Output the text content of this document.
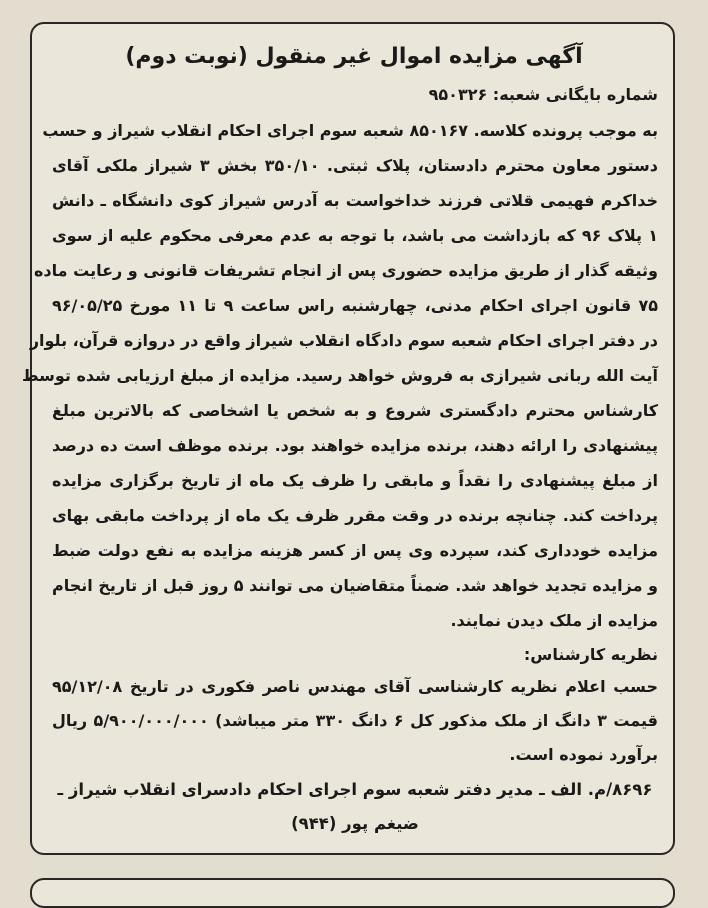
آگهی مزایده اموال غیر منقول (نوبت دوم)
شماره بایگانی شعبه: ۹۵۰۳۲۶
به موجب پرونده کلاسه. ۸۵۰۱۶۷ شعبه سوم اجرای احکام انقلاب شیراز و حسب
دستور معاون محترم دادستان، پلاک ثبتی. ۳۵۰/۱۰ بخش ۳ شیراز ملکی آقای
خداکرم فهیمی قلاتی فرزند خداخواست به آدرس شیراز کوی دانشگاه ـ دانش
۱ پلاک ۹۶ که بازداشت می باشد، با توجه به عدم معرفی محکوم علیه از سوی
وثیقه گذار از طریق مزایده حضوری پس از انجام تشریفات قانونی و رعایت ماده
۷۵ قانون اجرای احکام مدنی، چهارشنبه راس ساعت ۹ تا ۱۱ مورخ ۹۶/۰۵/۲۵
در دفتر اجرای احکام شعبه سوم دادگاه انقلاب شیراز واقع در دروازه قرآن، بلوار
آیت الله ربانی شیرازی به فروش خواهد رسید. مزایده از مبلغ ارزیابی شده توسط
کارشناس محترم دادگستری شروع و به شخص یا اشخاصی که بالاترین مبلغ
پیشنهادی را ارائه دهند، برنده مزایده خواهند بود. برنده موظف است ده درصد
از مبلغ پیشنهادی را نقداً و مابقی را ظرف یک ماه از تاریخ برگزاری مزایده
پرداخت کند. چنانچه برنده در وقت مقرر ظرف یک ماه از پرداخت مابقی بهای
مزایده خودداری کند، سپرده وی پس از کسر هزینه مزایده به نفع دولت ضبط
و مزایده تجدید خواهد شد. ضمناً متقاضیان می توانند ۵ روز قبل از تاریخ انجام
مزایده از ملک دیدن نمایند.
نظریه کارشناس:
حسب اعلام نظریه کارشناسی آقای مهندس ناصر فکوری در تاریخ ۹۵/۱۲/۰۸
قیمت ۳ دانگ از ملک مذکور کل ۶ دانگ ۳۳۰ متر میباشد) ۵/۹۰۰/۰۰۰/۰۰۰ ریال
برآورد نموده است.
۸۶۹۶/م. الف ـ مدیر دفتر شعبه سوم اجرای احکام دادسرای انقلاب شیراز ـ
ضیغم پور (۹۴۴)
